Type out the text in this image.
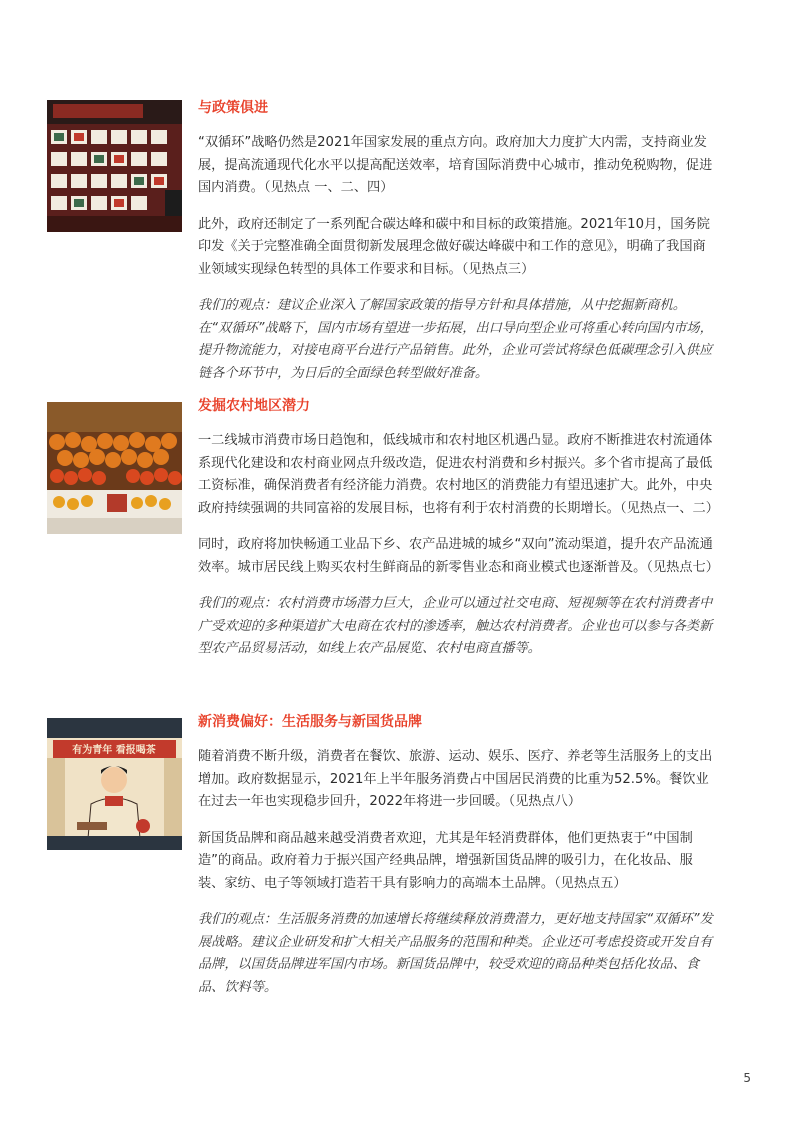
与政策俱进

“双循环”战略仍然是2021年国家发展的重点方向。政府加大力度扩大内需，支持商业发展，提高流通现代化水平以提高配送效率，培育国际消费中心城市，推动免税购物，促进国内消费。（见热点 一、二、四）

此外，政府还制定了一系列配合碳达峰和碳中和目标的政策措施。2021年10月，国务院印发《关于完整准确全面贯彻新发展理念做好碳达峰碳中和工作的意见》，明确了我国商业领域实现绿色转型的具体工作要求和目标。（见热点三）

我们的观点：建议企业深入了解国家政策的指导方针和具体措施，从中挖掘新商机。在“双循环”战略下，国内市场有望进一步拓展，出口导向型企业可将重心转向国内市场，提升物流能力，对接电商平台进行产品销售。此外，企业可尝试将绿色低碳理念引入供应链各个环节中，为日后的全面绿色转型做好准备。

发掘农村地区潜力

一二线城市消费市场日趋饱和，低线城市和农村地区机遇凸显。政府不断推进农村流通体系现代化建设和农村商业网点升级改造，促进农村消费和乡村振兴。多个省市提高了最低工资标准，确保消费者有经济能力消费。农村地区的消费能力有望迅速扩大。此外，中央政府持续强调的共同富裕的发展目标，也将有利于农村消费的长期增长。（见热点一、二）

同时，政府将加快畅通工业品下乡、农产品进城的城乡“双向”流动渠道，提升农产品流通效率。城市居民线上购买农村生鲜商品的新零售业态和商业模式也逐渐普及。（见热点七）

我们的观点：农村消费市场潜力巨大，企业可以通过社交电商、短视频等在农村消费者中广受欢迎的多种渠道扩大电商在农村的渗透率，触达农村消费者。企业也可以参与各类新型农产品贸易活动，如线上农产品展览、农村电商直播等。

有为青年 看报喝茶
新消费偏好：生活服务与新国货品牌

随着消费不断升级，消费者在餐饮、旅游、运动、娱乐、医疗、养老等生活服务上的支出增加。政府数据显示，2021年上半年服务消费占中国居民消费的比重为52.5%。餐饮业在过去一年也实现稳步回升，2022年将进一步回暖。（见热点八）

新国货品牌和商品越来越受消费者欢迎，尤其是年轻消费群体，他们更热衷于“中国制造”的商品。政府着力于振兴国产经典品牌，增强新国货品牌的吸引力，在化妆品、服装、家纺、电子等领域打造若干具有影响力的高端本土品牌。（见热点五）

我们的观点：生活服务消费的加速增长将继续释放消费潜力，更好地支持国家“双循环”发展战略。建议企业研发和扩大相关产品服务的范围和种类。企业还可考虑投资或开发自有品牌，以国货品牌进军国内市场。新国货品牌中，较受欢迎的商品种类包括化妆品、食品、饮料等。

5
